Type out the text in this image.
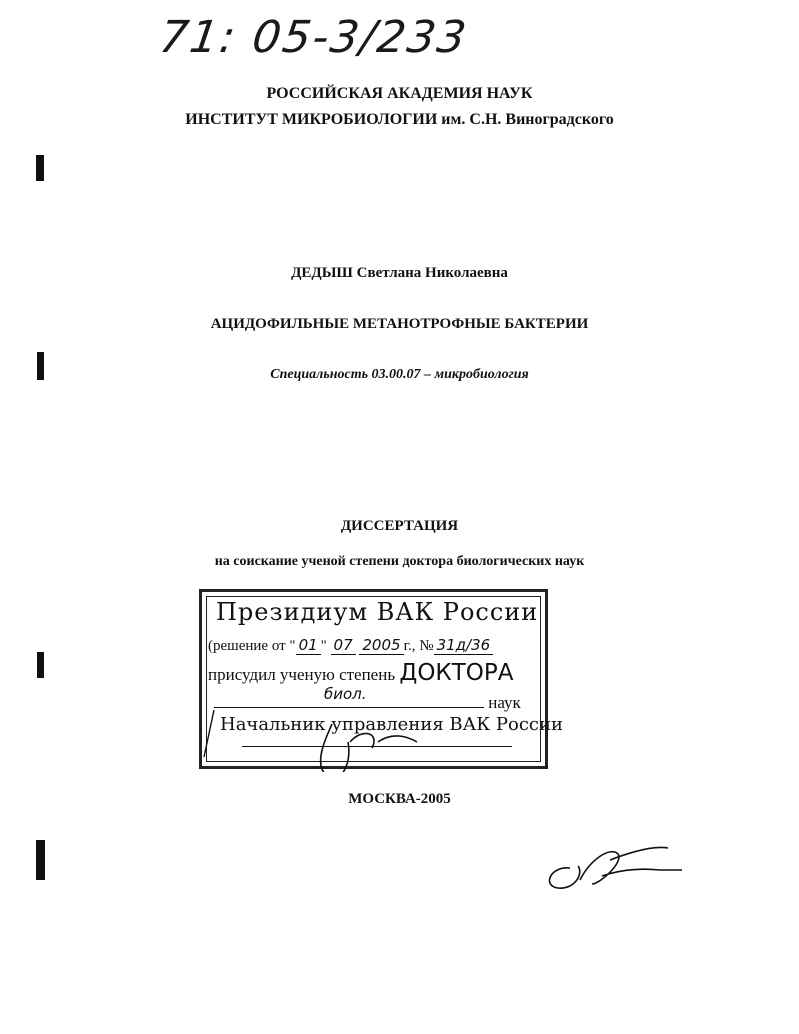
71: 05-3/233
РОССИЙСКАЯ АКАДЕМИЯ НАУК
ИНСТИТУТ МИКРОБИОЛОГИИ им. С.Н. Виноградского
ДЕДЫШ Светлана Николаевна
АЦИДОФИЛЬНЫЕ МЕТАНОТРОФНЫЕ БАКТЕРИИ
Специальность 03.00.07 – микробиология
ДИССЕРТАЦИЯ
на соискание ученой степени доктора биологических наук
Президиум ВАК России
(решение от " 01 " 07 2005 г., № 31д/36
присудил ученую степень ДОКТОРА
биол.	наук
Начальник управления ВАК России
МОСКВА-2005
